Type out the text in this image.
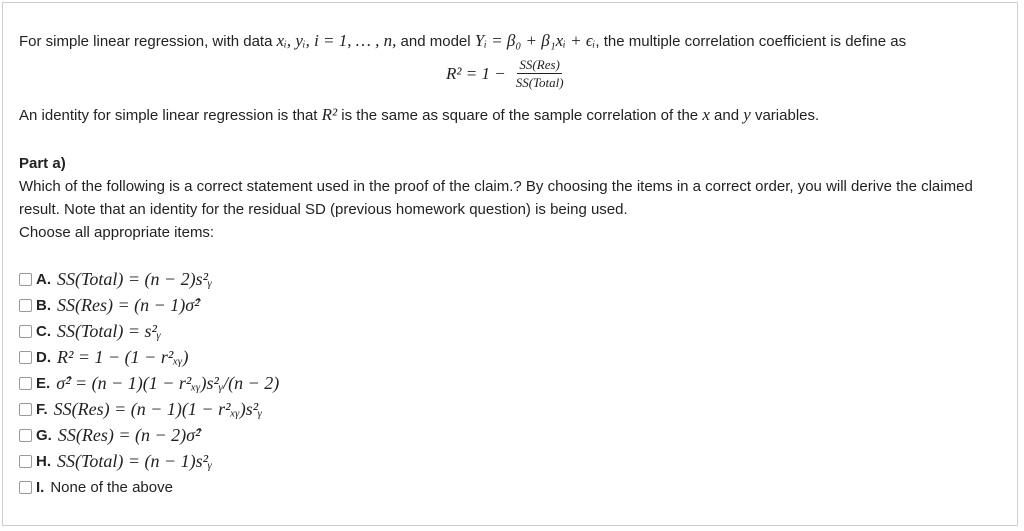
For simple linear regression, with data xᵢ, yᵢ, i = 1, … , n, and model Yᵢ = β₀ + β₁xᵢ + ϵᵢ, the multiple correlation coefficient is define as
$R^2 = 1 - \frac{\text{SS(Res)}}{\text{SS(Total)}}$
An identity for simple linear regression is that R² is the same as square of the sample correlation of the x and y variables.
Part a)
Which of the following is a correct statement used in the proof of the claim.? By choosing the items in a correct order, you will derive the claimed result. Note that an identity for the residual SD (previous homework question) is being used.
Choose all appropriate items:
A. SS(Total) = (n − 2)s²ᵧ
B. SS(Res) = (n − 1)σ̂²
C. SS(Total) = s²ᵧ
D. R² = 1 − (1 − r²ₓᵧ)
E. σ̂² = (n − 1)(1 − r²ₓᵧ)s²ᵧ/(n − 2)
F. SS(Res) = (n − 1)(1 − r²ₓᵧ)s²ᵧ
G. SS(Res) = (n − 2)σ̂²
H. SS(Total) = (n − 1)s²ᵧ
I. None of the above
